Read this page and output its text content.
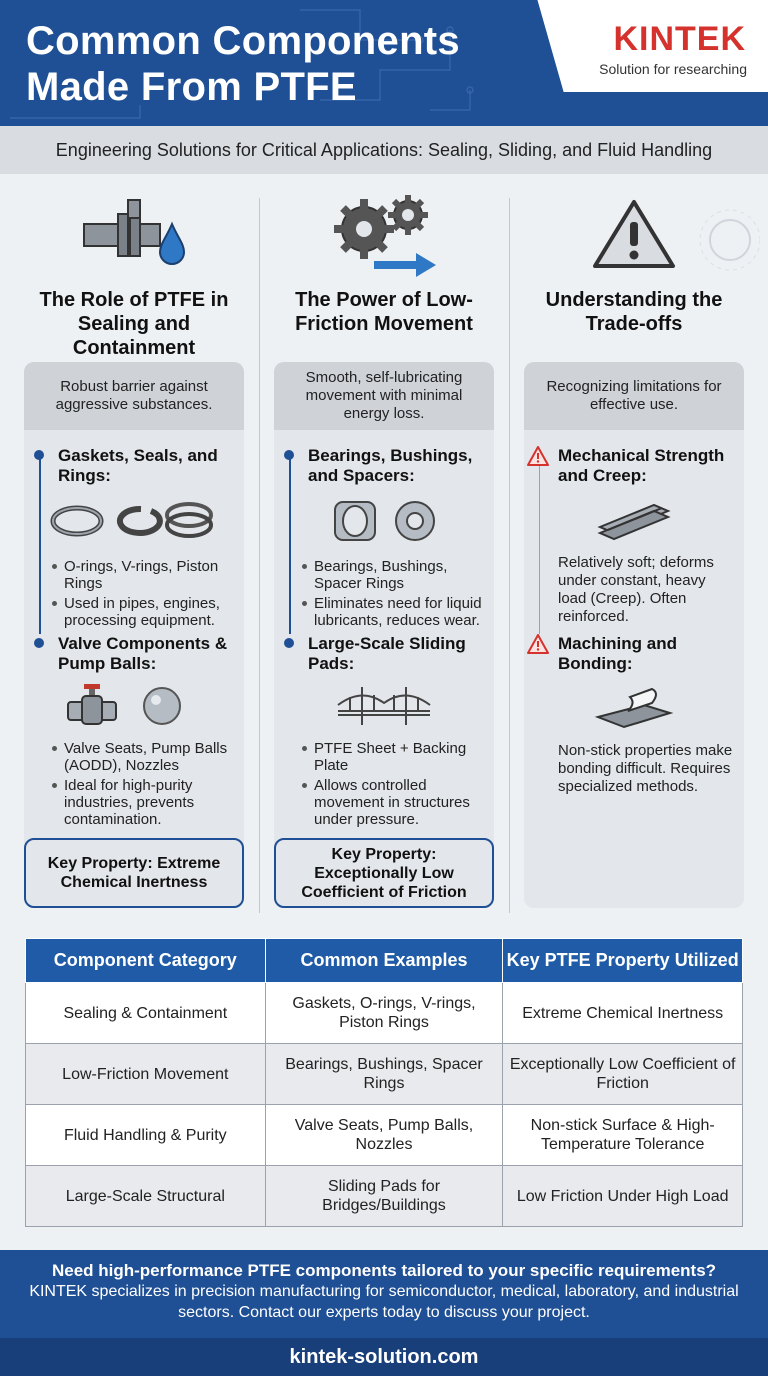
Common Components
Made From PTFE
KINTEK
Solution for researching
Engineering Solutions for Critical Applications: Sealing, Sliding, and Fluid Handling
The Role of PTFE in Sealing and Containment
Robust barrier against aggressive substances.
Gaskets, Seals, and Rings:
O-rings, V-rings, Piston Rings
Used in pipes, engines, processing equipment.
Valve Components & Pump Balls:
Valve Seats, Pump Balls (AODD), Nozzles
Ideal for high-purity industries, prevents contamination.
Key Property: Extreme Chemical Inertness
The Power of Low-Friction Movement
Smooth, self-lubricating movement with minimal energy loss.
Bearings, Bushings, and Spacers:
Bearings, Bushings, Spacer Rings
Eliminates need for liquid lubricants, reduces wear.
Large-Scale Sliding Pads:
PTFE Sheet + Backing Plate
Allows controlled movement in structures under pressure.
Key Property: Exceptionally Low Coefficient of Friction
Understanding the Trade-offs
Recognizing limitations for effective use.
Mechanical Strength and Creep:
Relatively soft; deforms under constant, heavy load (Creep). Often reinforced.
Machining and Bonding:
Non-stick properties make bonding difficult. Requires specialized methods.
Component Category	Common Examples	Key PTFE Property Utilized
Sealing & Containment	Gaskets, O-rings, V-rings, Piston Rings	Extreme Chemical Inertness
Low-Friction Movement	Bearings, Bushings, Spacer Rings	Exceptionally Low Coefficient of Friction
Fluid Handling & Purity	Valve Seats, Pump Balls, Nozzles	Non-stick Surface & High-Temperature Tolerance
Large-Scale Structural	Sliding Pads for Bridges/Buildings	Low Friction Under High Load
Need high-performance PTFE components tailored to your specific requirements?
KINTEK specializes in precision manufacturing for semiconductor, medical, laboratory, and industrial sectors. Contact our experts today to discuss your project.
kintek-solution.com
